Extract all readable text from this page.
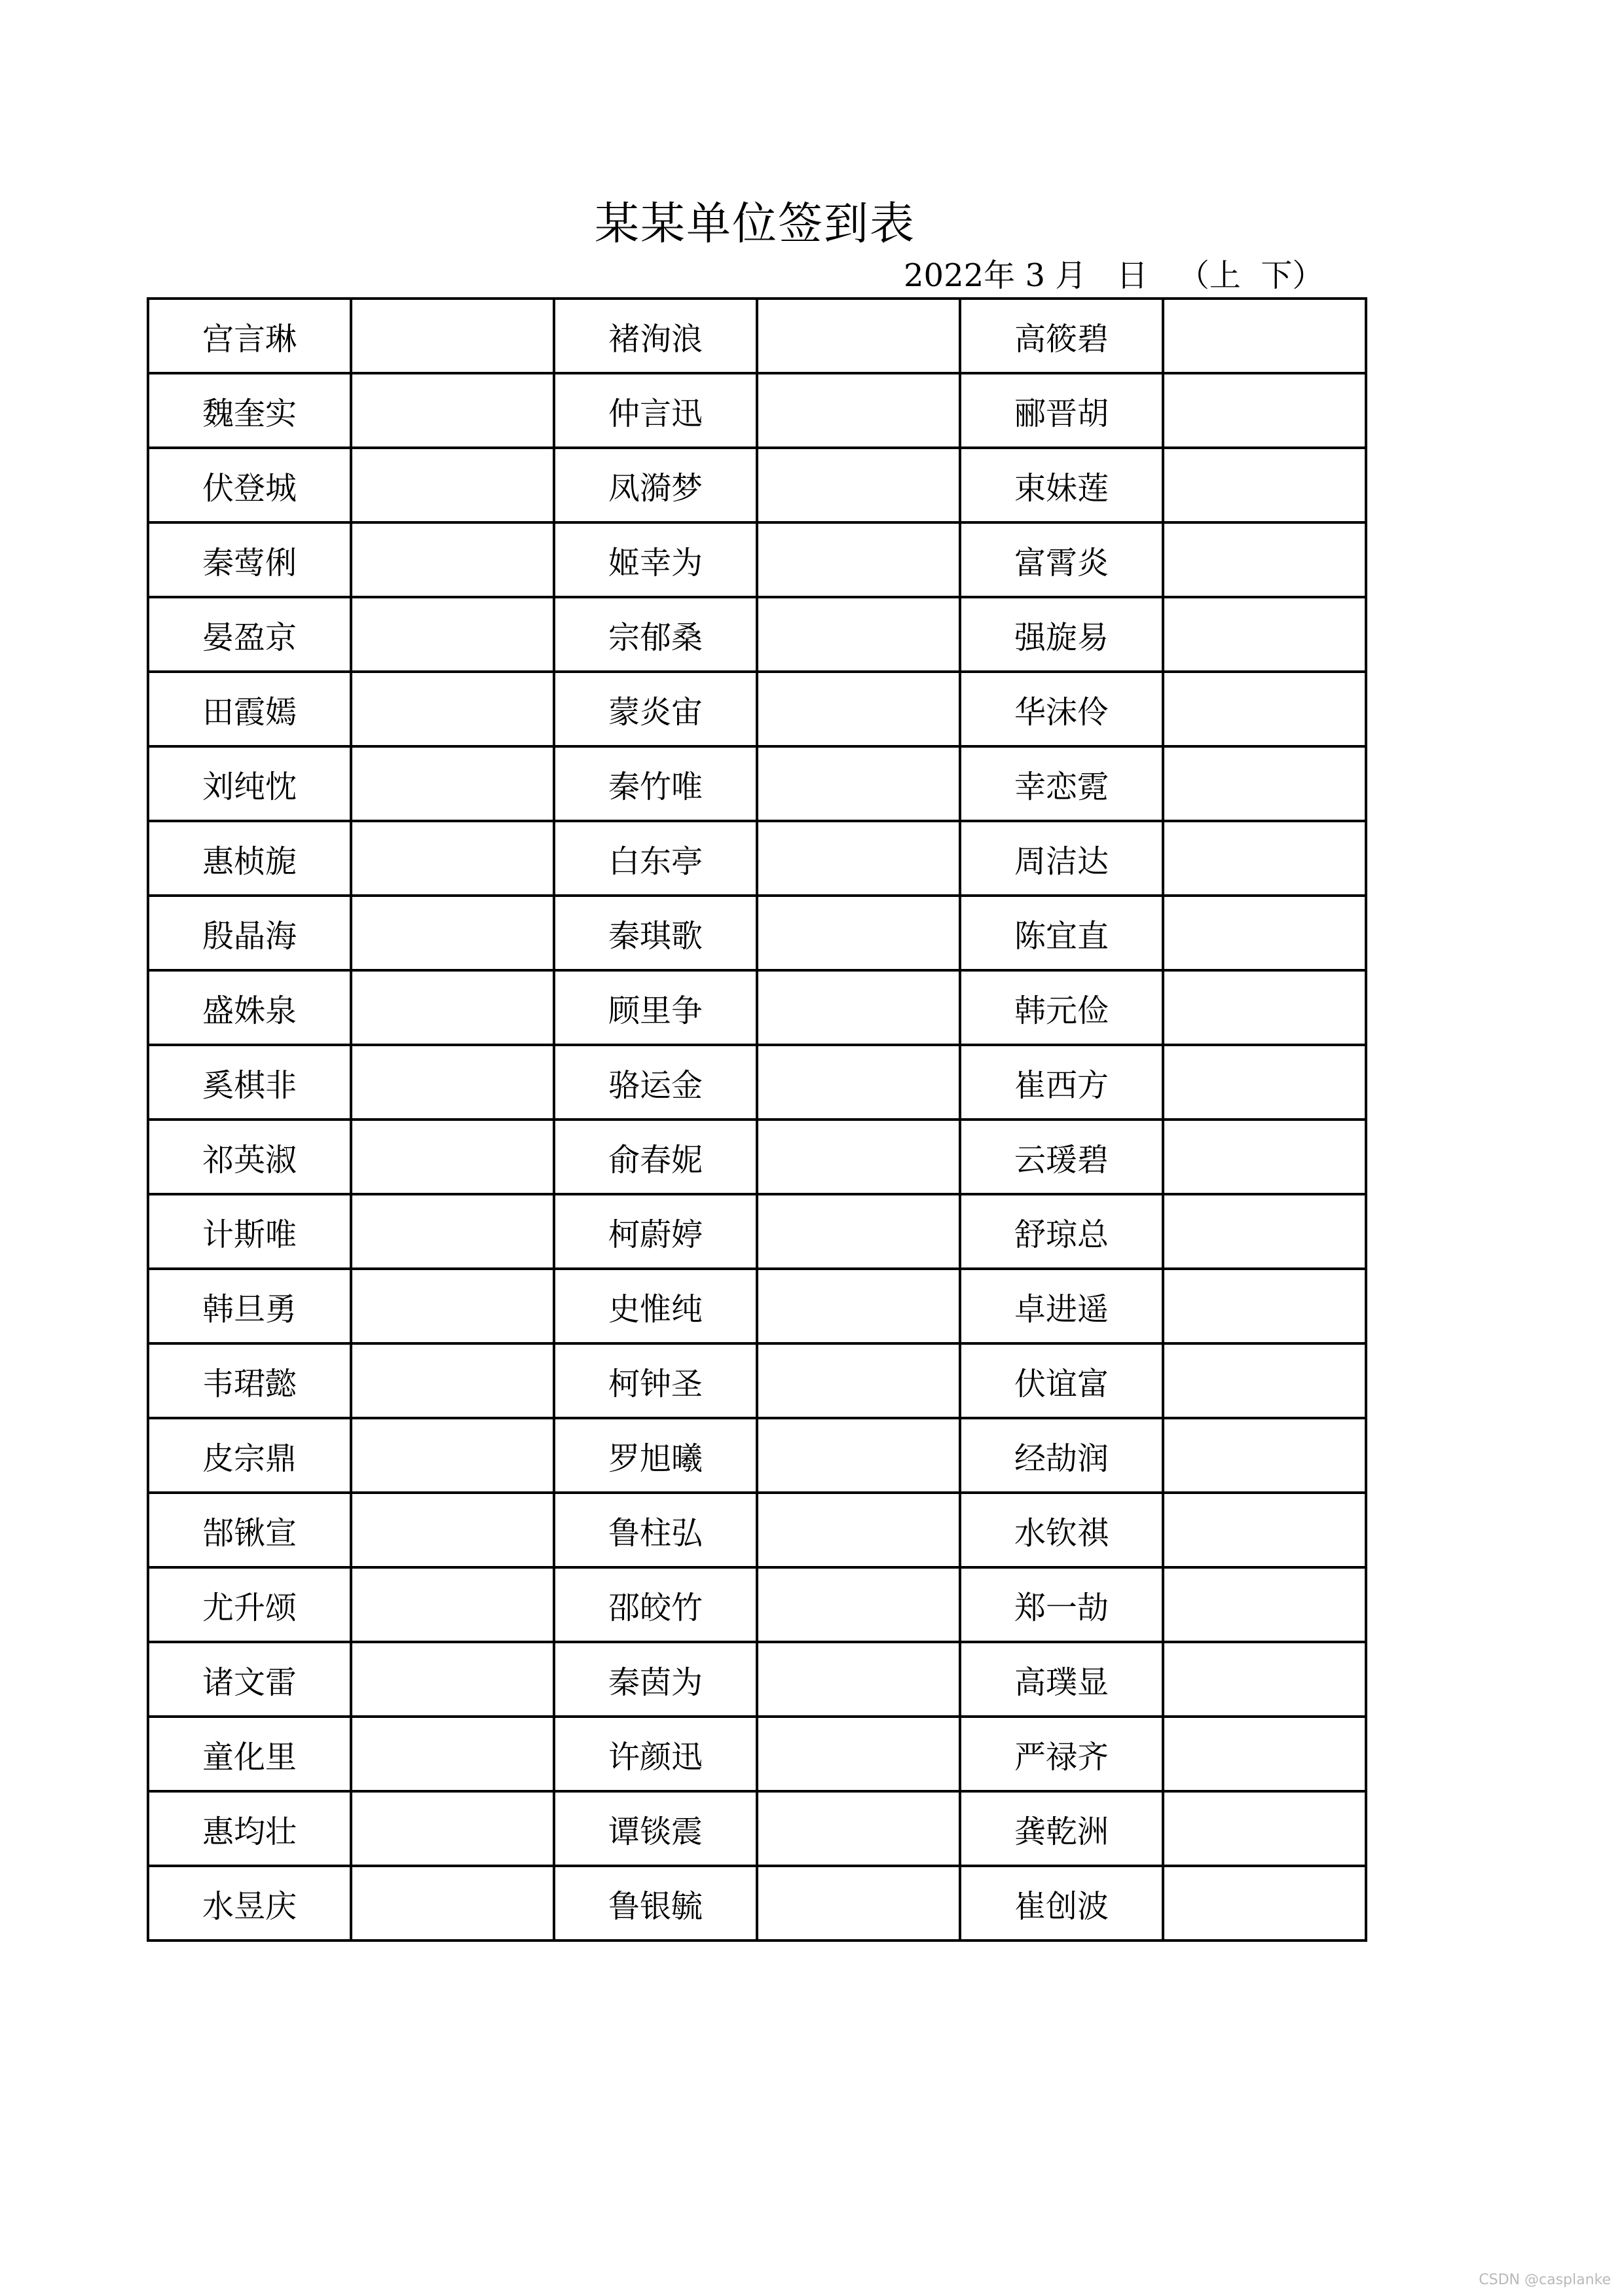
某某单位签到表
2022年 3 月 日 （上 下）
宫言琳		褚洵浪		高筱碧	
魏奎实		仲言迅		郦晋胡	
伏登城		凤漪梦		束妹莲	
秦莺俐		姬幸为		富霄炎	
晏盈京		宗郁桑		强旋易	
田霞嫣		蒙炎宙		华沫伶	
刘纯忱		秦竹唯		幸恋霓	
惠桢旎		白东亭		周洁达	
殷晶海		秦琪歌		陈宜直	
盛姝泉		顾里争		韩元俭	
奚棋非		骆运金		崔西方	
祁英淑		俞春妮		云瑗碧	
计斯唯		柯蔚婷		舒琼总	
韩旦勇		史惟纯		卓进遥	
韦珺懿		柯钟圣		伏谊富	
皮宗鼎		罗旭曦		经劼润	
郜锹宣		鲁柱弘		水钦祺	
尤升颂		邵皎竹		郑一劼	
诸文雷		秦茵为		高璞显	
童化里		许颜迅		严禄齐	
惠均壮		谭锬震		龚乾洲	
水昱庆		鲁银毓		崔创波	
CSDN @casplanke
